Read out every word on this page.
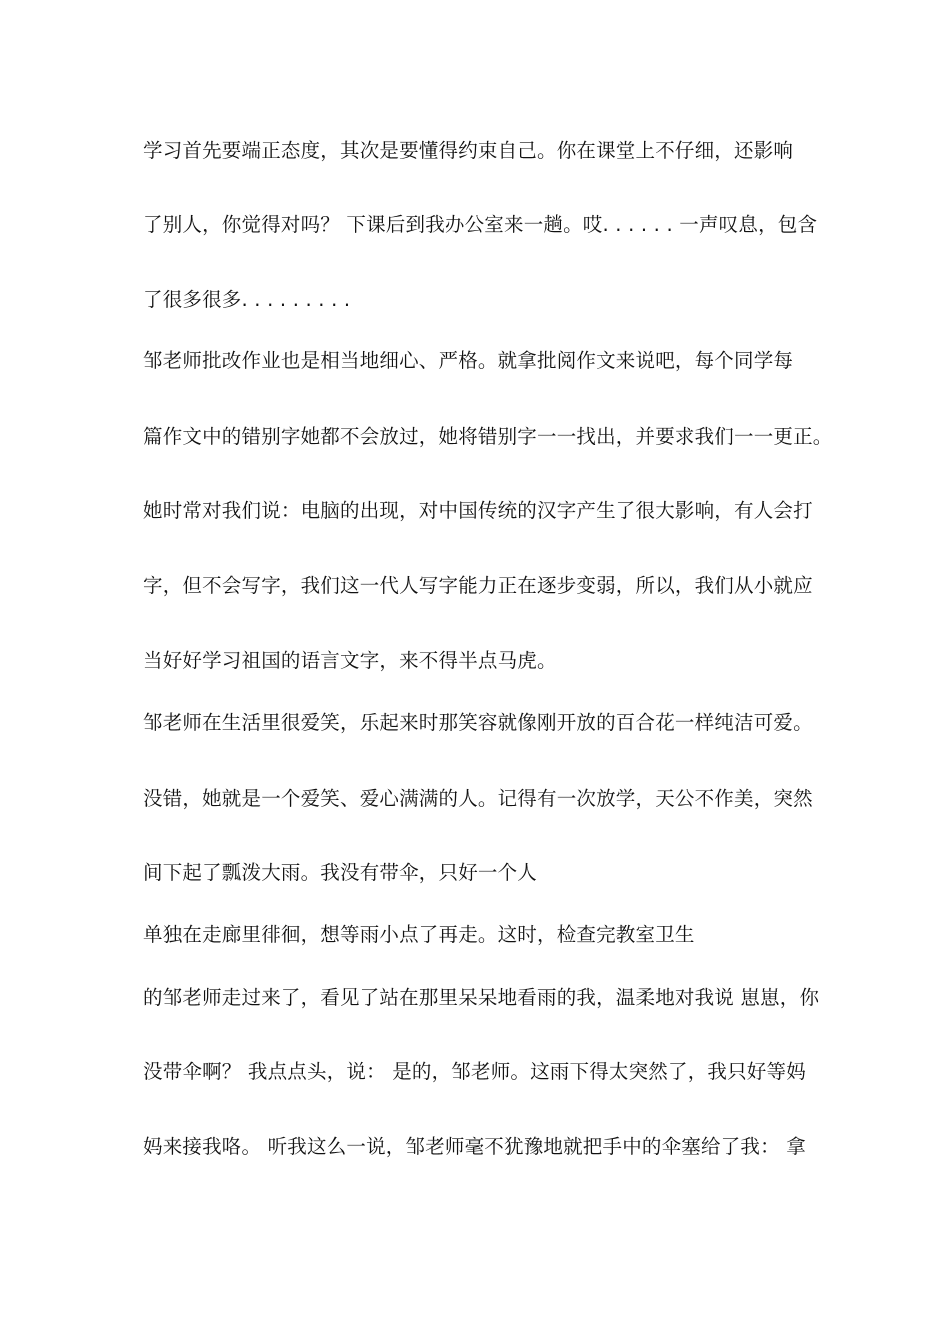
学习首先要端正态度，其次是要懂得约束自己。你在课堂上不仔细，还影响
了别人，你觉得对吗？ 下课后到我办公室来一趟。哎. . . . . . 一声叹息，包含
了很多很多. . . . . . . . .
邹老师批改作业也是相当地细心、严格。就拿批阅作文来说吧，每个同学每
篇作文中的错别字她都不会放过，她将错别字一一找出，并要求我们一一更正。
她时常对我们说：电脑的出现，对中国传统的汉字产生了很大影响，有人会打
字，但不会写字，我们这一代人写字能力正在逐步变弱，所以，我们从小就应
当好好学习祖国的语言文字，来不得半点马虎。
邹老师在生活里很爱笑，乐起来时那笑容就像刚开放的百合花一样纯洁可爱。
没错，她就是一个爱笑、爱心满满的人。记得有一次放学，天公不作美，突然
间下起了瓢泼大雨。我没有带伞，只好一个人
单独在走廊里徘徊，想等雨小点了再走。这时，检查完教室卫生
的邹老师走过来了，看见了站在那里呆呆地看雨的我，温柔地对我说 崽崽，你
没带伞啊？ 我点点头，说： 是的，邹老师。这雨下得太突然了，我只好等妈
妈来接我咯。 听我这么一说，邹老师毫不犹豫地就把手中的伞塞给了我： 拿
